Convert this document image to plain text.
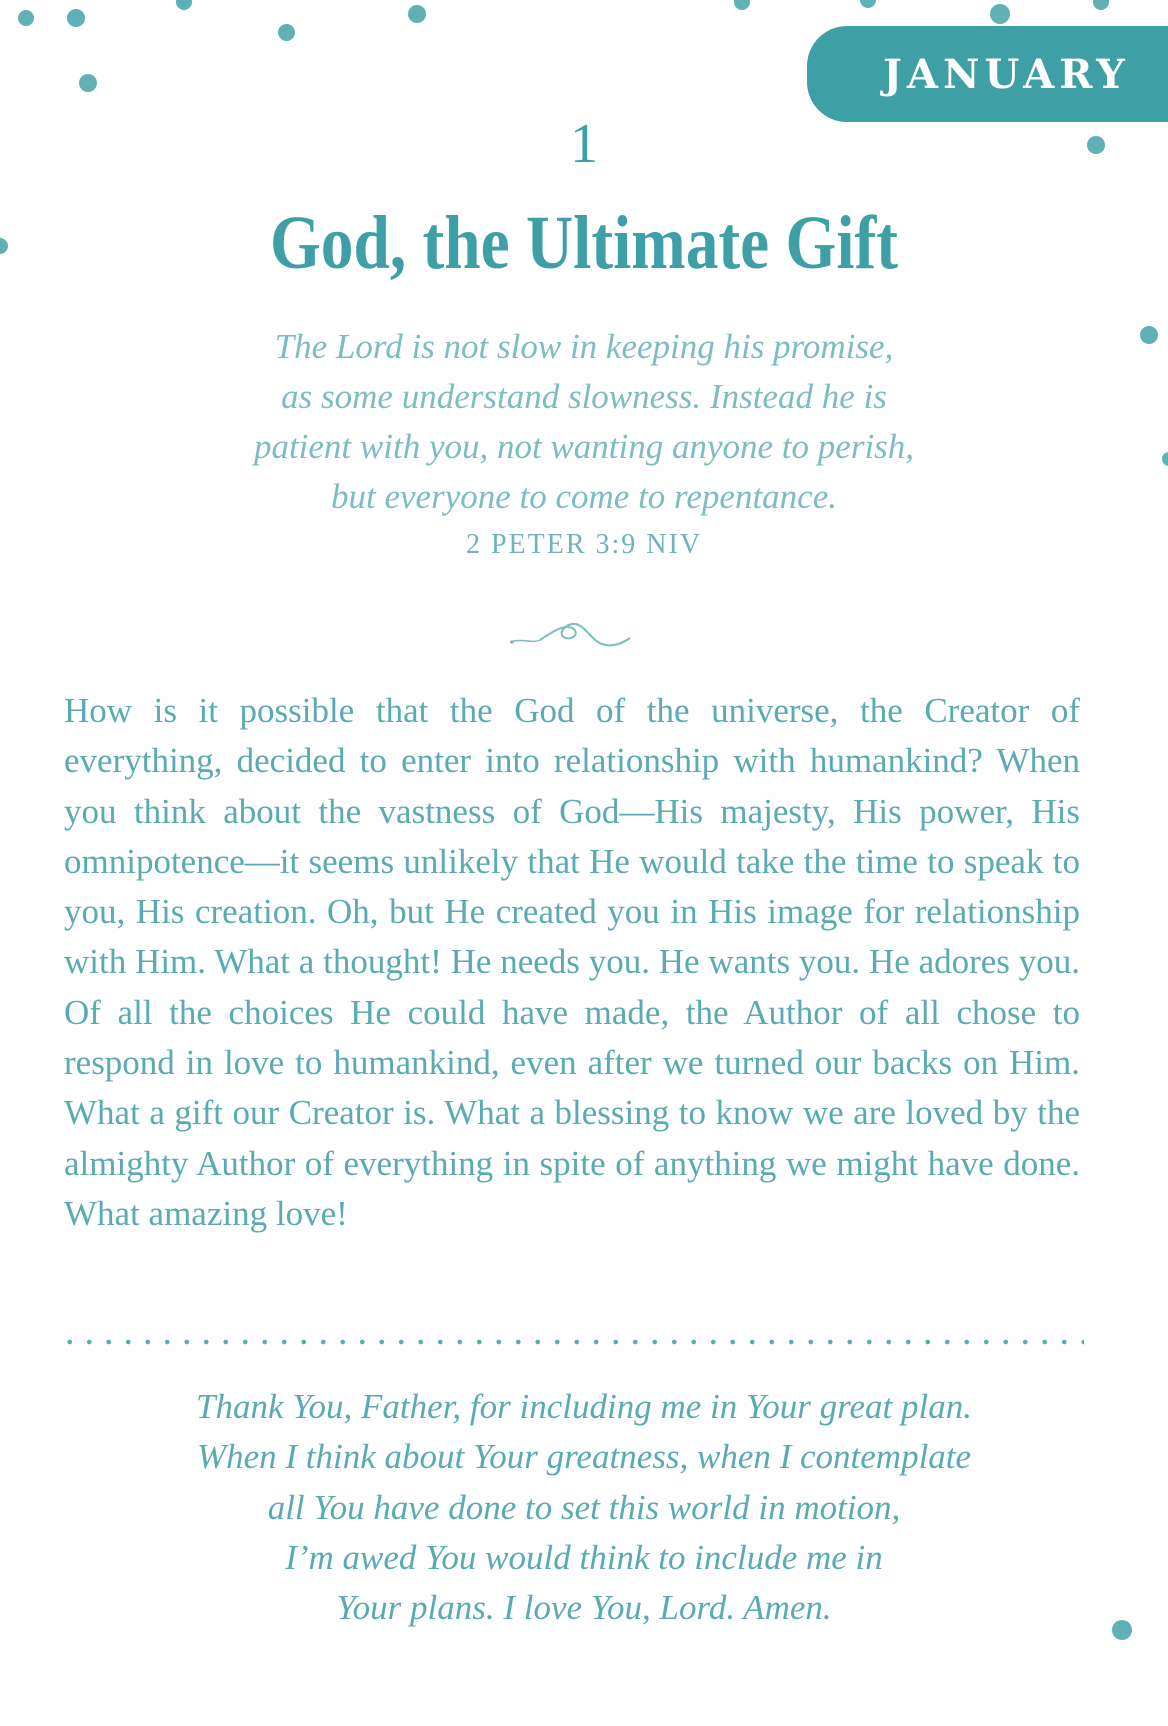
JANUARY
1
God, the Ultimate Gift
The Lord is not slow in keeping his promise,
as some understand slowness. Instead he is
patient with you, not wanting anyone to perish,
but everyone to come to repentance.
2 PETER 3:9 NIV

How is it possible that the God of the universe, the Creator of everything, decided to enter into relationship with humankind? When you think about the vastness of God—His majesty, His power, His omnipotence—it seems unlikely that He would take the time to speak to you, His creation. Oh, but He created you in His image for relationship with Him. What a thought! He needs you. He wants you. He adores you. Of all the choices He could have made, the Author of all chose to respond in love to humankind, even after we turned our backs on Him. What a gift our Creator is. What a blessing to know we are loved by the almighty Author of everything in spite of anything we might have done. What amazing love!

Thank You, Father, for including me in Your great plan.
When I think about Your greatness, when I contemplate
all You have done to set this world in motion,
I’m awed You would think to include me in
Your plans. I love You, Lord. Amen.
